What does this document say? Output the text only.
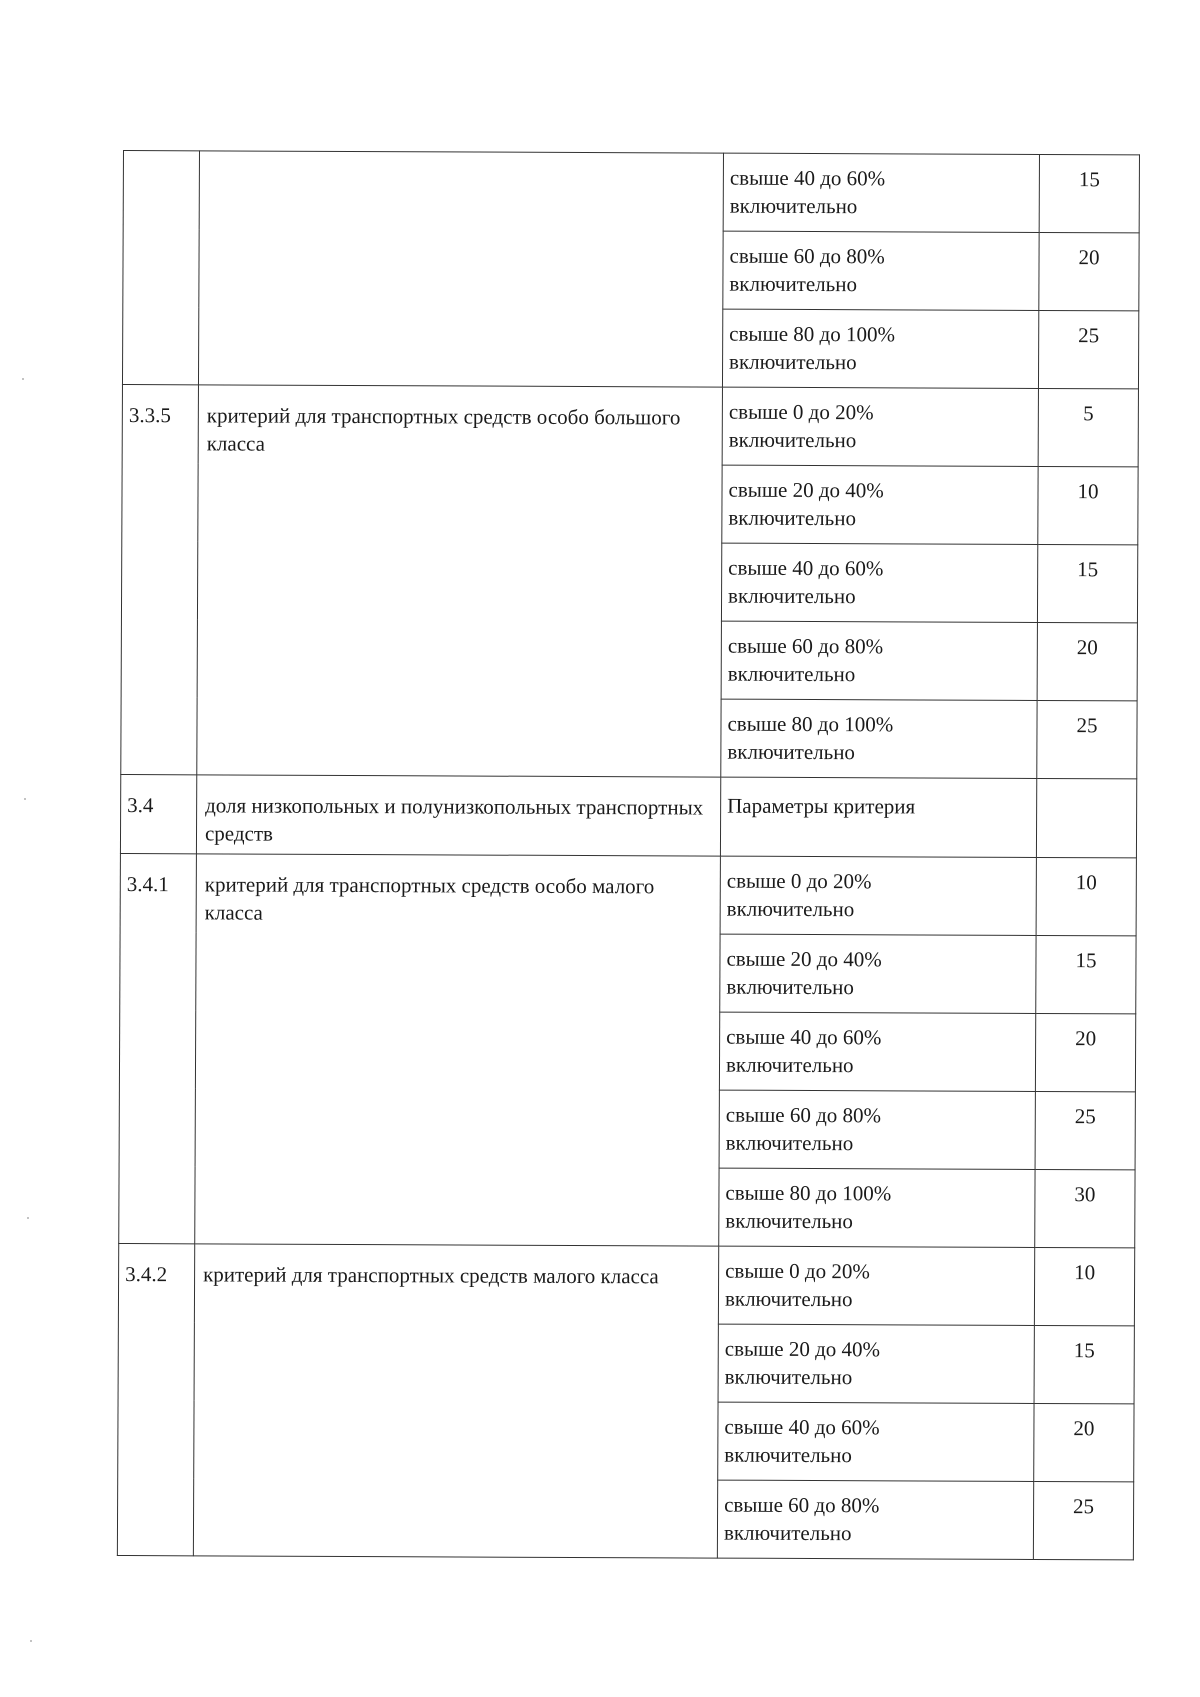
		свыше 40 до 60%
включительно	15

		свыше 60 до 80%
включительно	20

		свыше 80 до 100%
включительно	25

3.3.5	критерий для транспортных средств особо большого класса	свыше 0 до 20%
включительно	5

		свыше 20 до 40%
включительно	10

		свыше 40 до 60%
включительно	15

		свыше 60 до 80%
включительно	20

		свыше 80 до 100%
включительно	25

3.4	доля низкопольных и полунизкопольных транспортных средств	Параметры критерия	

3.4.1	критерий для транспортных средств особо малого класса	свыше 0 до 20%
включительно	10

		свыше 20 до 40%
включительно	15

		свыше 40 до 60%
включительно	20

		свыше 60 до 80%
включительно	25

		свыше 80 до 100%
включительно	30

3.4.2	критерий для транспортных средств малого класса	свыше 0 до 20%
включительно	10

		свыше 20 до 40%
включительно	15

		свыше 40 до 60%
включительно	20

		свыше 60 до 80%
включительно	25
